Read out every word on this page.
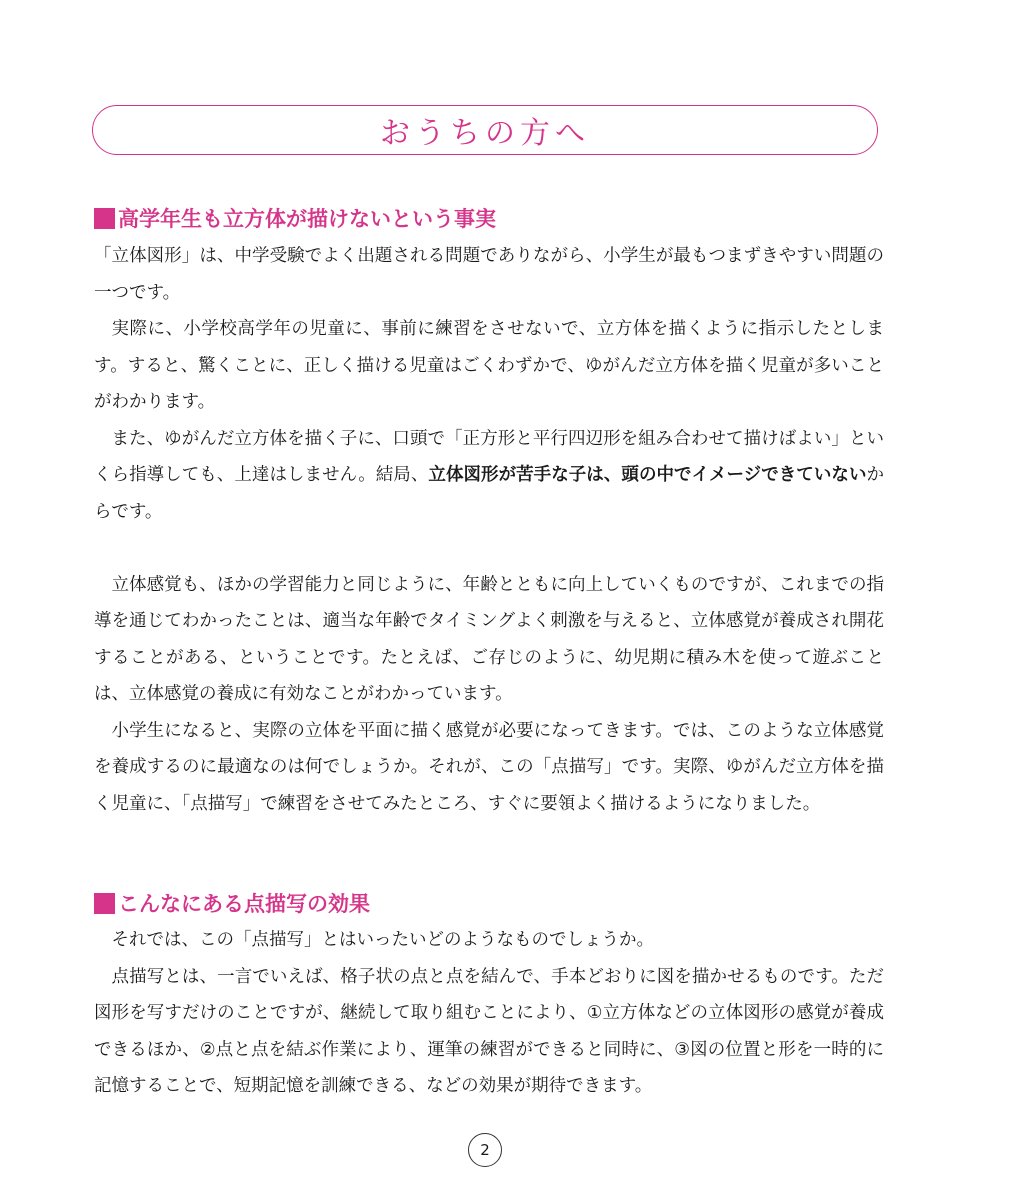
おうちの方へ
高学年生も立方体が描けないという事実

「立体図形」は、中学受験でよく出題される問題でありながら、小学生が最もつまずきやすい問題の一つです。

実際に、小学校高学年の児童に、事前に練習をさせないで、立方体を描くように指示したとします。すると、驚くことに、正しく描ける児童はごくわずかで、ゆがんだ立方体を描く児童が多いことがわかります。

また、ゆがんだ立方体を描く子に、口頭で「正方形と平行四辺形を組み合わせて描けばよい」といくら指導しても、上達はしません。結局、立体図形が苦手な子は、頭の中でイメージできていないからです。

立体感覚も、ほかの学習能力と同じように、年齢とともに向上していくものですが、これまでの指導を通じてわかったことは、適当な年齢でタイミングよく刺激を与えると、立体感覚が養成され開花することがある、ということです。たとえば、ご存じのように、幼児期に積み木を使って遊ぶことは、立体感覚の養成に有効なことがわかっています。

小学生になると、実際の立体を平面に描く感覚が必要になってきます。では、このような立体感覚を養成するのに最適なのは何でしょうか。それが、この「点描写」です。実際、ゆがんだ立方体を描く児童に、「点描写」で練習をさせてみたところ、すぐに要領よく描けるようになりました。

こんなにある点描写の効果

それでは、この「点描写」とはいったいどのようなものでしょうか。

点描写とは、一言でいえば、格子状の点と点を結んで、手本どおりに図を描かせるものです。ただ図形を写すだけのことですが、継続して取り組むことにより、①立方体などの立体図形の感覚が養成できるほか、②点と点を結ぶ作業により、運筆の練習ができると同時に、③図の位置と形を一時的に記憶することで、短期記憶を訓練できる、などの効果が期待できます。

2
